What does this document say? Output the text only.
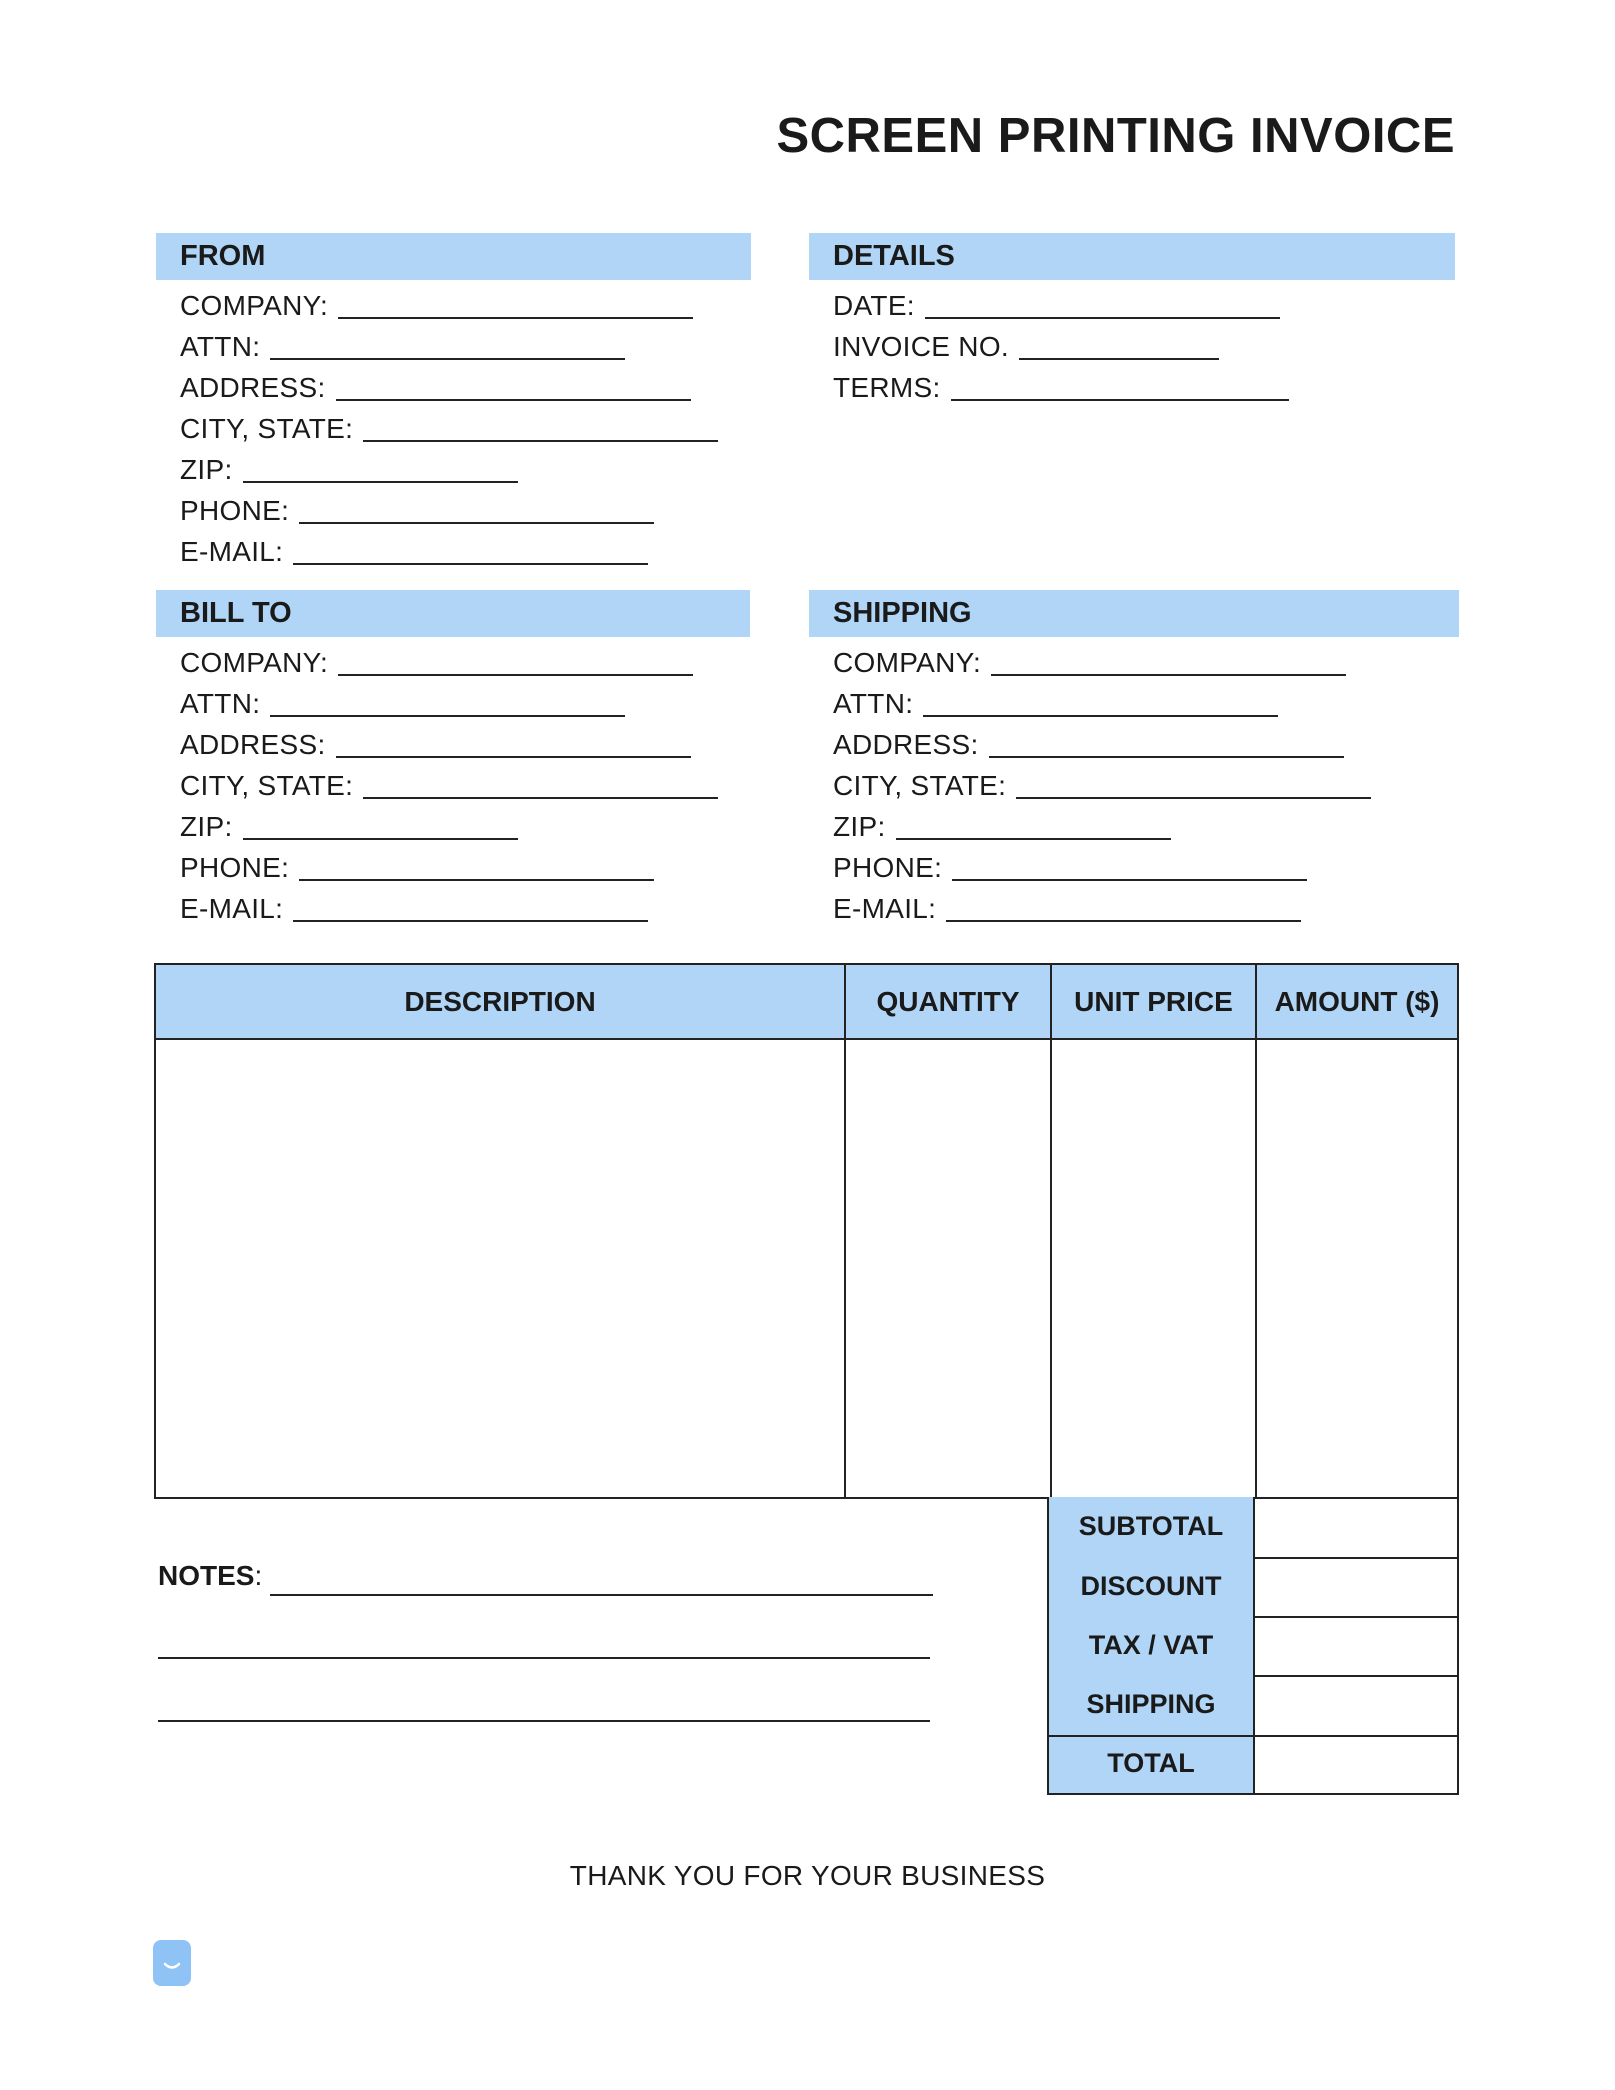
SCREEN PRINTING INVOICE
FROM
COMPANY:
ATTN:
ADDRESS:
CITY, STATE:
ZIP:
PHONE:
E-MAIL:
DETAILS
DATE:
INVOICE NO.
TERMS:
BILL TO
COMPANY:
ATTN:
ADDRESS:
CITY, STATE:
ZIP:
PHONE:
E-MAIL:
SHIPPING
COMPANY:
ATTN:
ADDRESS:
CITY, STATE:
ZIP:
PHONE:
E-MAIL:
DESCRIPTION	QUANTITY	UNIT PRICE	AMOUNT ($)
SUBTOTAL
DISCOUNT
TAX / VAT
SHIPPING
TOTAL
NOTES:
THANK YOU FOR YOUR BUSINESS
